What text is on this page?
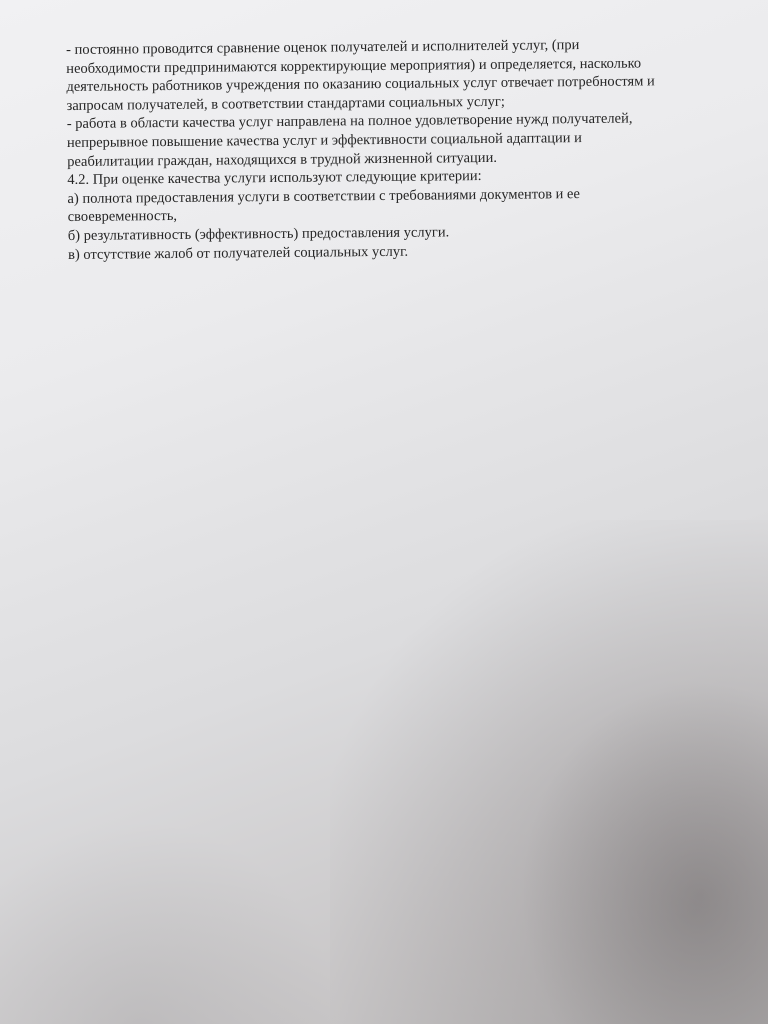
- постоянно проводится сравнение оценок получателей и исполнителей услуг, (при
необходимости предпринимаются корректирующие мероприятия) и определяется, насколько
деятельность работников учреждения по оказанию социальных услуг отвечает потребностям и
запросам получателей, в соответствии стандартами социальных услуг;
- работа в области качества услуг направлена на полное удовлетворение нужд получателей,
непрерывное повышение качества услуг и эффективности социальной адаптации и
реабилитации граждан, находящихся в трудной жизненной ситуации.
4.2. При оценке качества услуги используют следующие критерии:
а) полнота предоставления услуги в соответствии с требованиями документов и ее
своевременность,
б) результативность (эффективность) предоставления услуги.
в) отсутствие жалоб от получателей социальных услуг.
